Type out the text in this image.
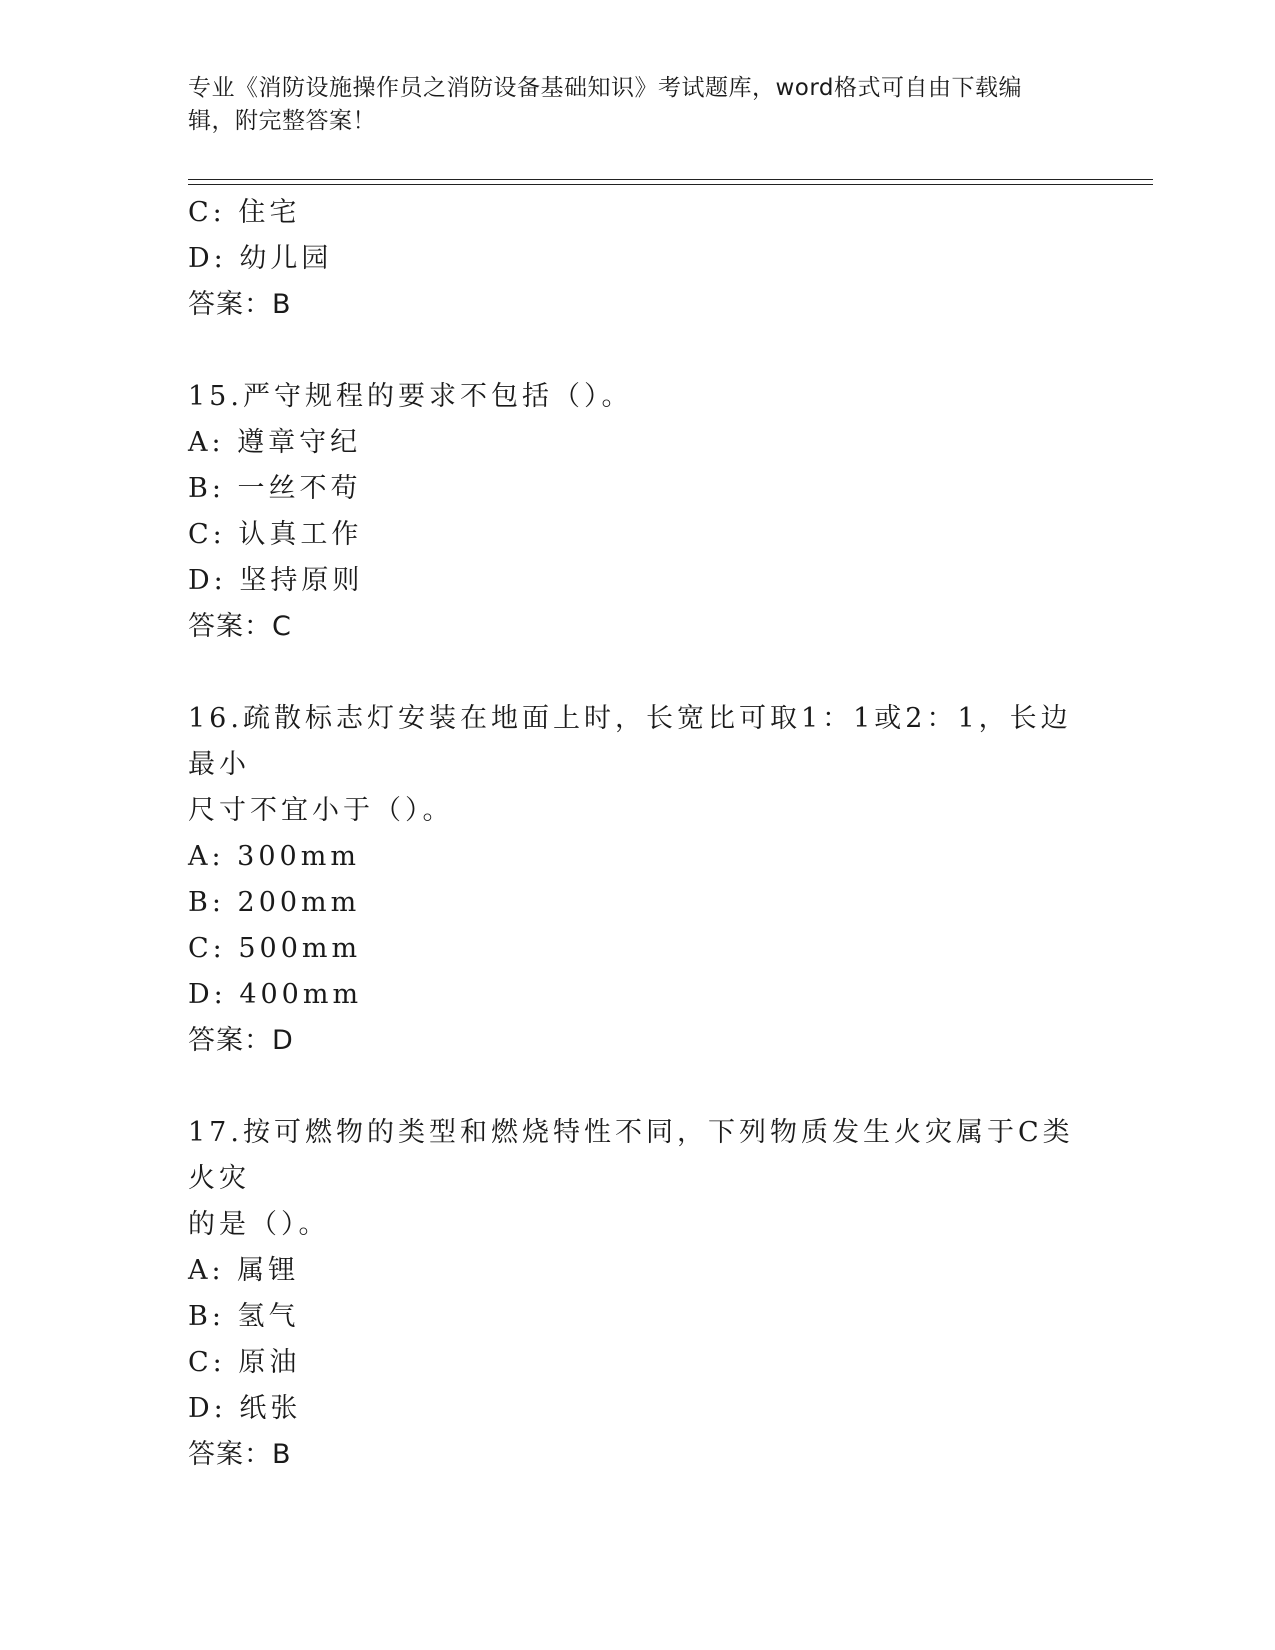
专业《消防设施操作员之消防设备基础知识》考试题库，word格式可自由下载编
辑，附完整答案！
C: 住宅
D: 幼儿园
答案：B
15.严守规程的要求不包括（）。
A: 遵章守纪
B: 一丝不苟
C: 认真工作
D: 坚持原则
答案：C
16.疏散标志灯安装在地面上时，长宽比可取1：1或2：1，长边最小
尺寸不宜小于（）。
A: 300mm
B: 200mm
C: 500mm
D: 400mm
答案：D
17.按可燃物的类型和燃烧特性不同，下列物质发生火灾属于C类火灾
的是（）。
A: 属锂
B: 氢气
C: 原油
D: 纸张
答案：B
